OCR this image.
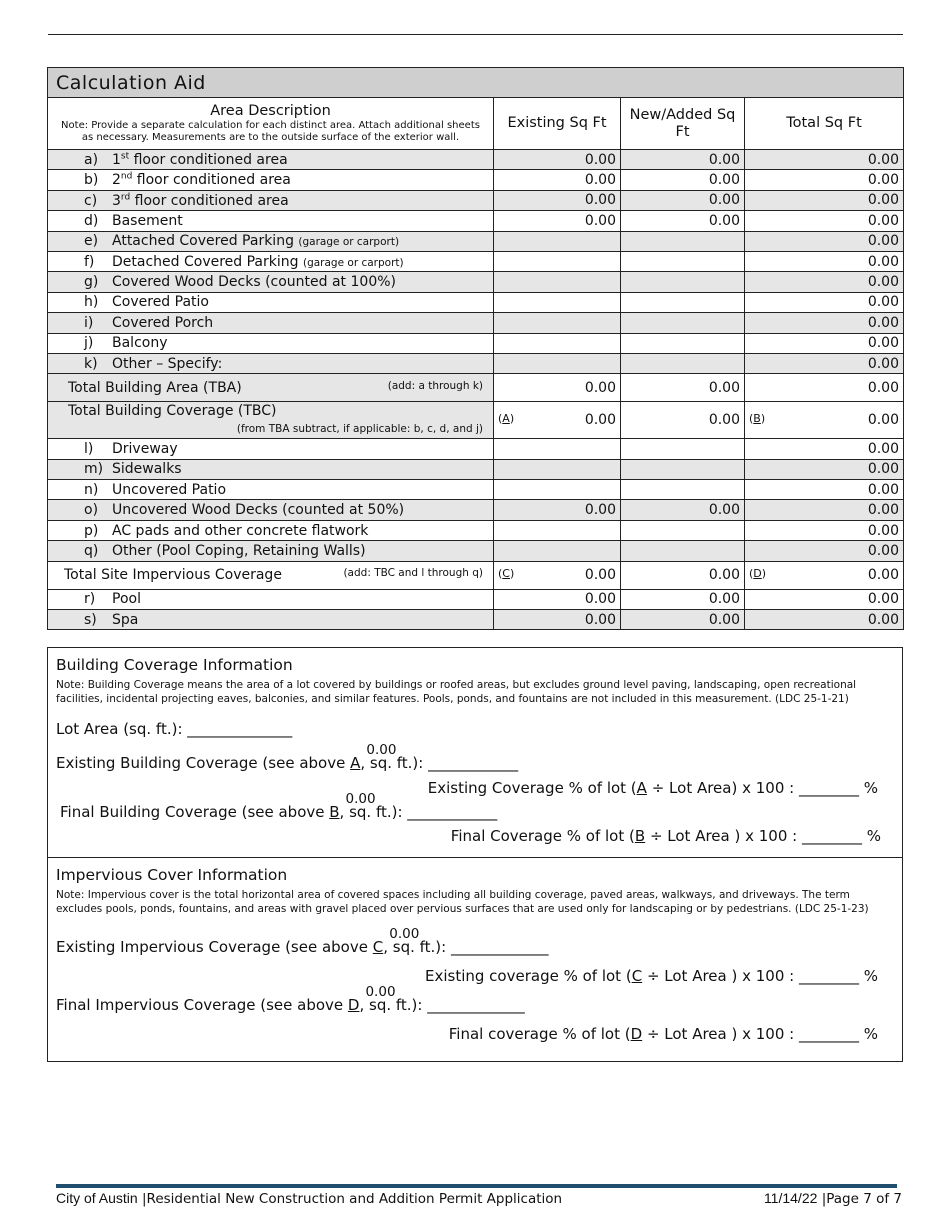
Calculation Aid			
Area Description
Note: Provide a separate calculation for each distinct area. Attach additional sheets as necessary. Measurements are to the outside surface of the exterior wall.	Existing Sq Ft	New/Added Sq Ft	Total Sq Ft
a) 1st floor conditioned area	0.00	0.00	0.00
b) 2nd floor conditioned area	0.00	0.00	0.00
c) 3rd floor conditioned area	0.00	0.00	0.00
d) Basement	0.00	0.00	0.00
e) Attached Covered Parking (garage or carport)			0.00
f) Detached Covered Parking (garage or carport)			0.00
g) Covered Wood Decks (counted at 100%)			0.00
h) Covered Patio			0.00
i) Covered Porch			0.00
j) Balcony			0.00
k) Other – Specify:			0.00
Total Building Area (TBA) (add: a through k)	0.00	0.00	0.00
Total Building Coverage (TBC)
(from TBA subtract, if applicable: b, c, d, and j)	(A) 0.00	0.00	(B) 0.00
l) Driveway			0.00
m) Sidewalks			0.00
n) Uncovered Patio			0.00
o) Uncovered Wood Decks (counted at 50%)	0.00	0.00	0.00
p) AC pads and other concrete flatwork			0.00
q) Other (Pool Coping, Retaining Walls)			0.00
Total Site Impervious Coverage (add: TBC and l through q)	(C) 0.00	0.00	(D) 0.00
r) Pool	0.00	0.00	0.00
s) Spa	0.00	0.00	0.00
Building Coverage Information
Note: Building Coverage means the area of a lot covered by buildings or roofed areas, but excludes ground level paving, landscaping, open recreational facilities, incidental projecting eaves, balconies, and similar features. Pools, ponds, and fountains are not included in this measurement. (LDC 25-1-21)
Lot Area (sq. ft.): ______________
Existing Building Coverage (see above A
0.00
, sq. ft.): ____________
Existing Coverage % of lot (A ÷ Lot Area) x 100 : ________ %
Final Building Coverage (see above B
0.00
, sq. ft.): ____________
Final Coverage % of lot (B ÷ Lot Area ) x 100 : ________ %
Impervious Cover Information
Note: Impervious cover is the total horizontal area of covered spaces including all building coverage, paved areas, walkways, and driveways. The term excludes pools, ponds, fountains, and areas with gravel placed over pervious surfaces that are used only for landscaping or by pedestrians. (LDC 25-1-23)
Existing Impervious Coverage (see above C
0.00
, sq. ft.): _____________
Existing coverage % of lot (C ÷ Lot Area ) x 100 : ________ %
Final Impervious Coverage (see above D
0.00
, sq. ft.): _____________
Final coverage % of lot (D ÷ Lot Area ) x 100 : ________ %
City of Austin |Residential New Construction and Addition Permit Application	11/14/22 |Page 7 of 7
